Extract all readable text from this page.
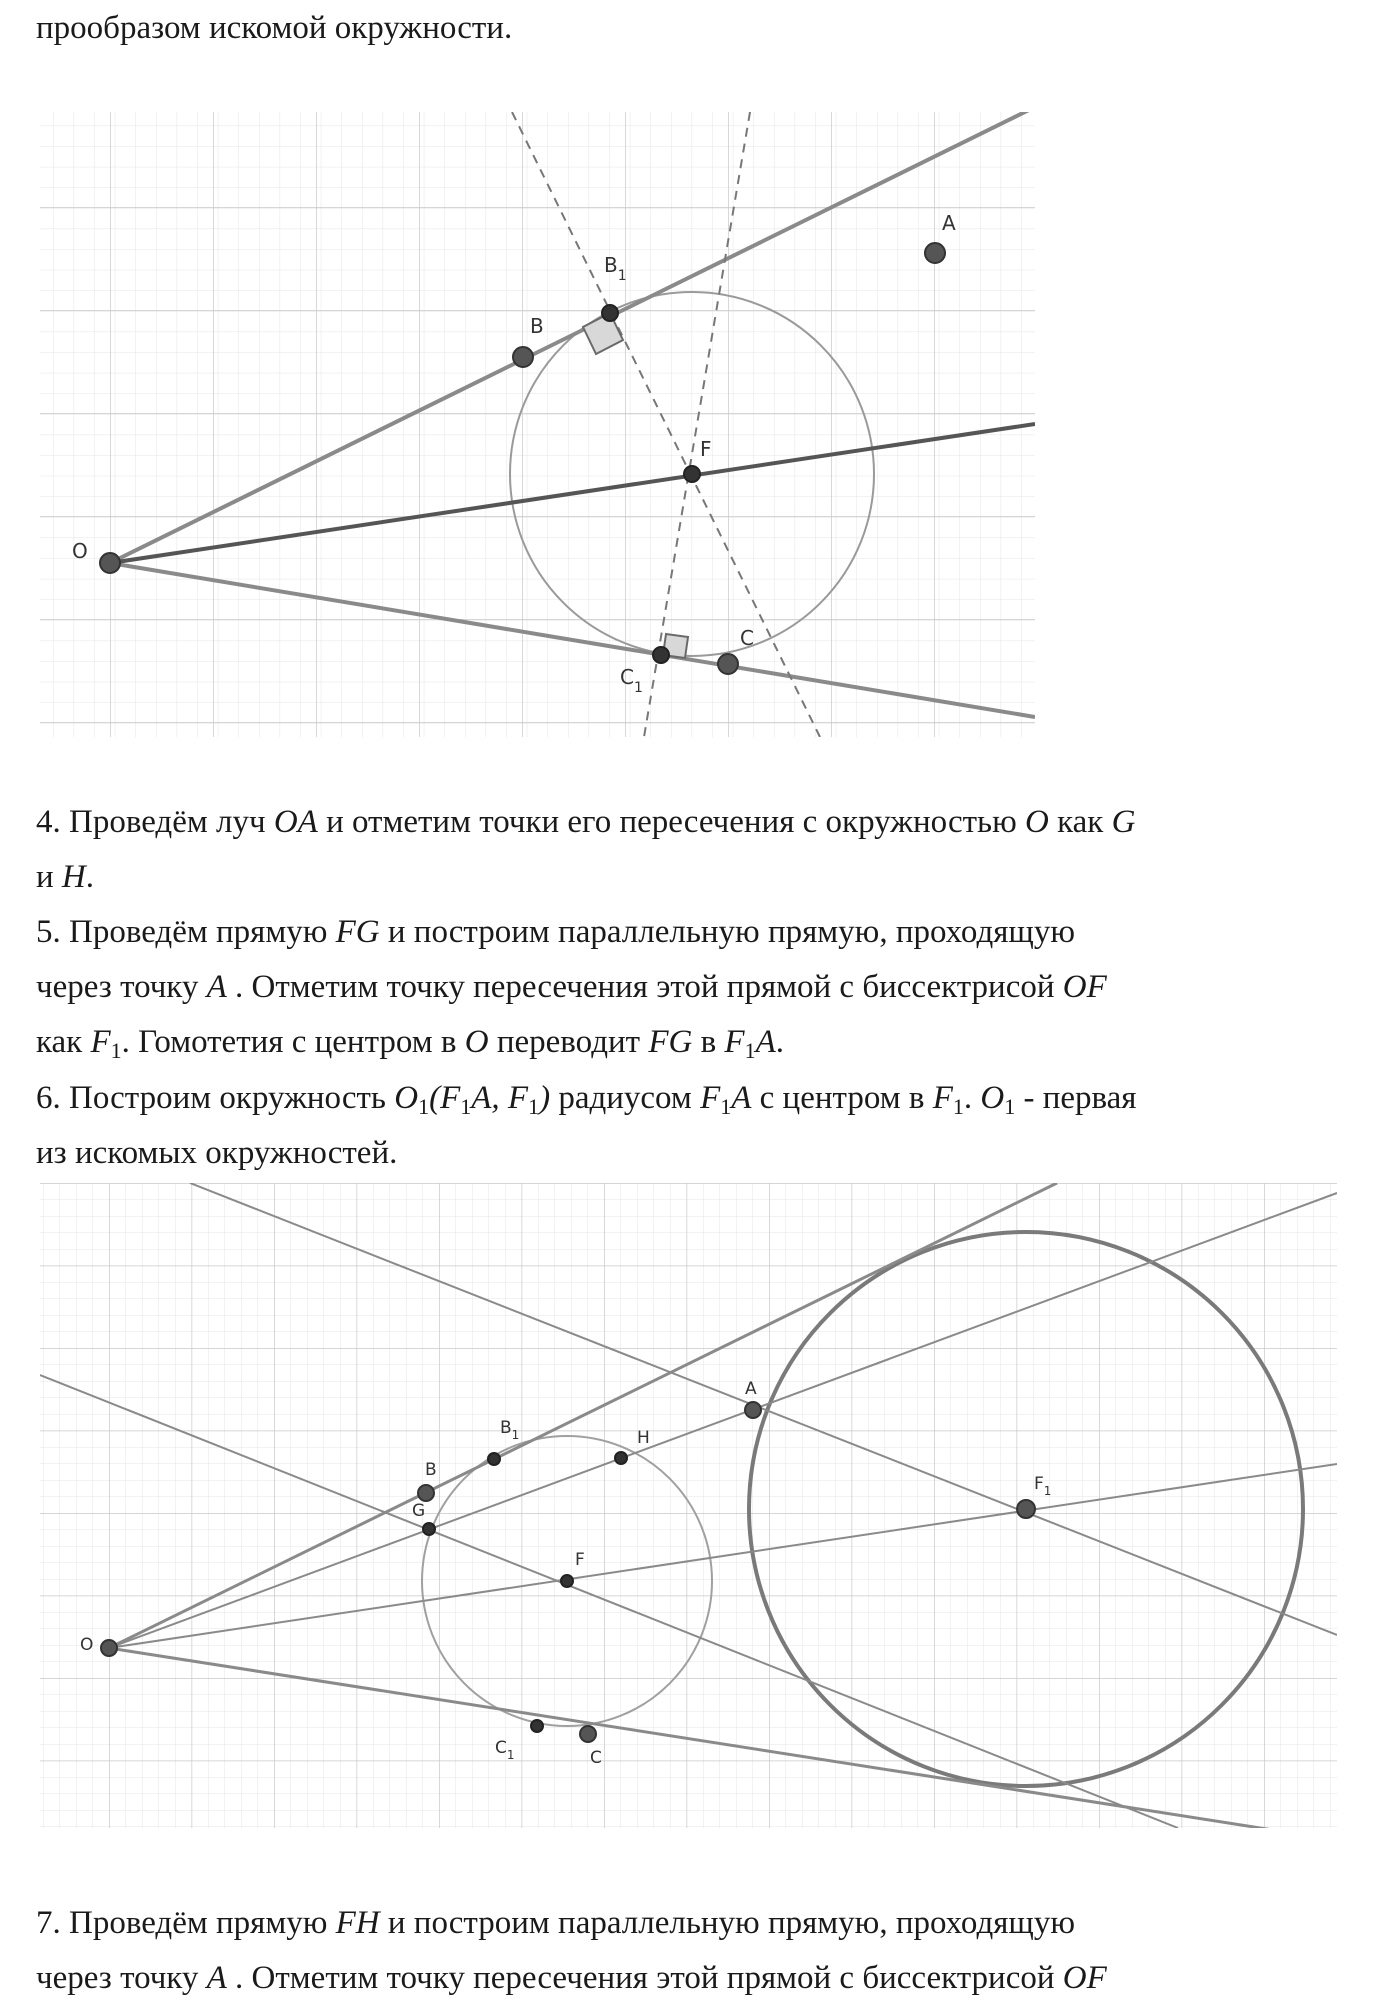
прообразом искомой окружности.
O
B
$B_1$
A
F
C
$C_1$
4. Проведём луч OA и отметим точки его пересечения с окружностью O как G
и H.
5. Проведём прямую FG и построим параллельную прямую, проходящую
через точку A . Отметим точку пересечения этой прямой с биссектрисой OF
как $F_1$. Гомотетия с центром в O переводит FG в $F_1A$.
6. Построим окружность $O_1(F_1A$, $F_1$) радиусом $F_1A$ с центром в $F_1$. $O_1$ - первая
из искомых окружностей.
O
B
$B_1$
G
H
A
F
$F_1$
$C_1$	C
7. Проведём прямую FH и построим параллельную прямую, проходящую
через точку A . Отметим точку пересечения этой прямой с биссектрисой OF
